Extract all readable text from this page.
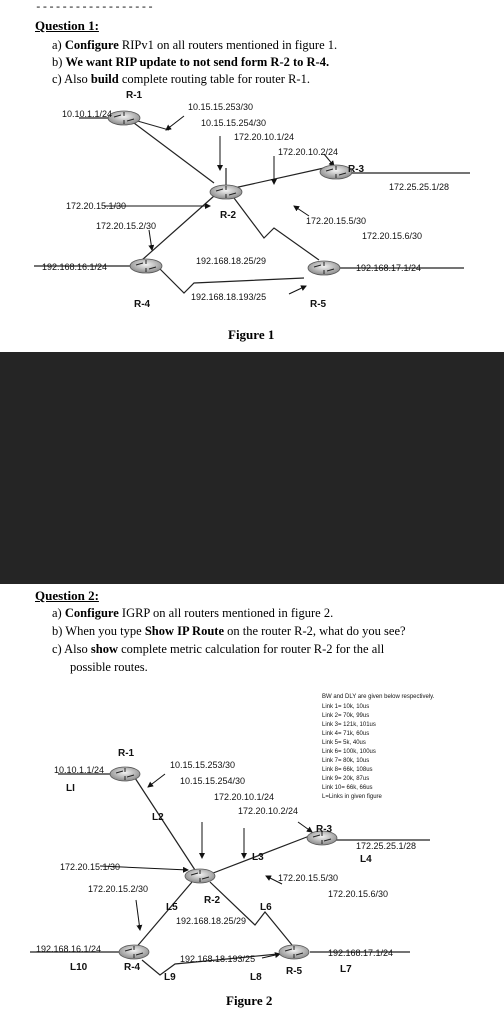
------------------
Question 1:
a) Configure RIPv1 on all routers mentioned in figure 1.
b) We want RIP update to not send form R-2 to R-4.
c) Also build complete routing table for router R-1.
R-1
R-2
R-3
R-4	R-5
10.10.1.1/24
10.15.15.253/30
10.15.15.254/30
172.20.10.1/24
172.20.10.2/24
172.25.25.1/28
172.20.15.1/30
172.20.15.2/30	172.20.15.5/30
172.20.15.6/30
192.168.16.1/24	192.168.17.1/24
192.168.18.25/29
192.168.18.193/25
Figure 1
Question 2:
a) Configure IGRP on all routers mentioned in figure 2.
b) When you type Show IP Route on the router R-2, what do you see?
c) Also show complete metric calculation for router R-2 for the all
possible routes.
R-1
R-2
R-3
R-4	R-5
LI
L2
L3	L4
L5	L6
L7
L8
L9
L10
10.10.1.1/24	10.15.15.253/30
10.15.15.254/30
172.20.10.1/24
172.20.10.2/24
172.25.25.1/28
172.20.15.1/30
172.20.15.2/30
172.20.15.5/30
172.20.15.6/30
192.168.16.1/24	192.168.17.1/24
192.168.18.25/29
192.168.18.193/25
BW and DLY are given below respectively.
Link 1= 10k, 10us
Link 2= 70k, 99us
Link 3= 121k, 101us
Link 4= 71k, 60us
Link 5= 5k, 40us
Link 6= 100k, 100us
Link 7= 80k, 10us
Link 8= 66k, 108us
Link 9= 20k, 87us
Link 10= 66k, 66us
L=Links in given figure
Figure 2
